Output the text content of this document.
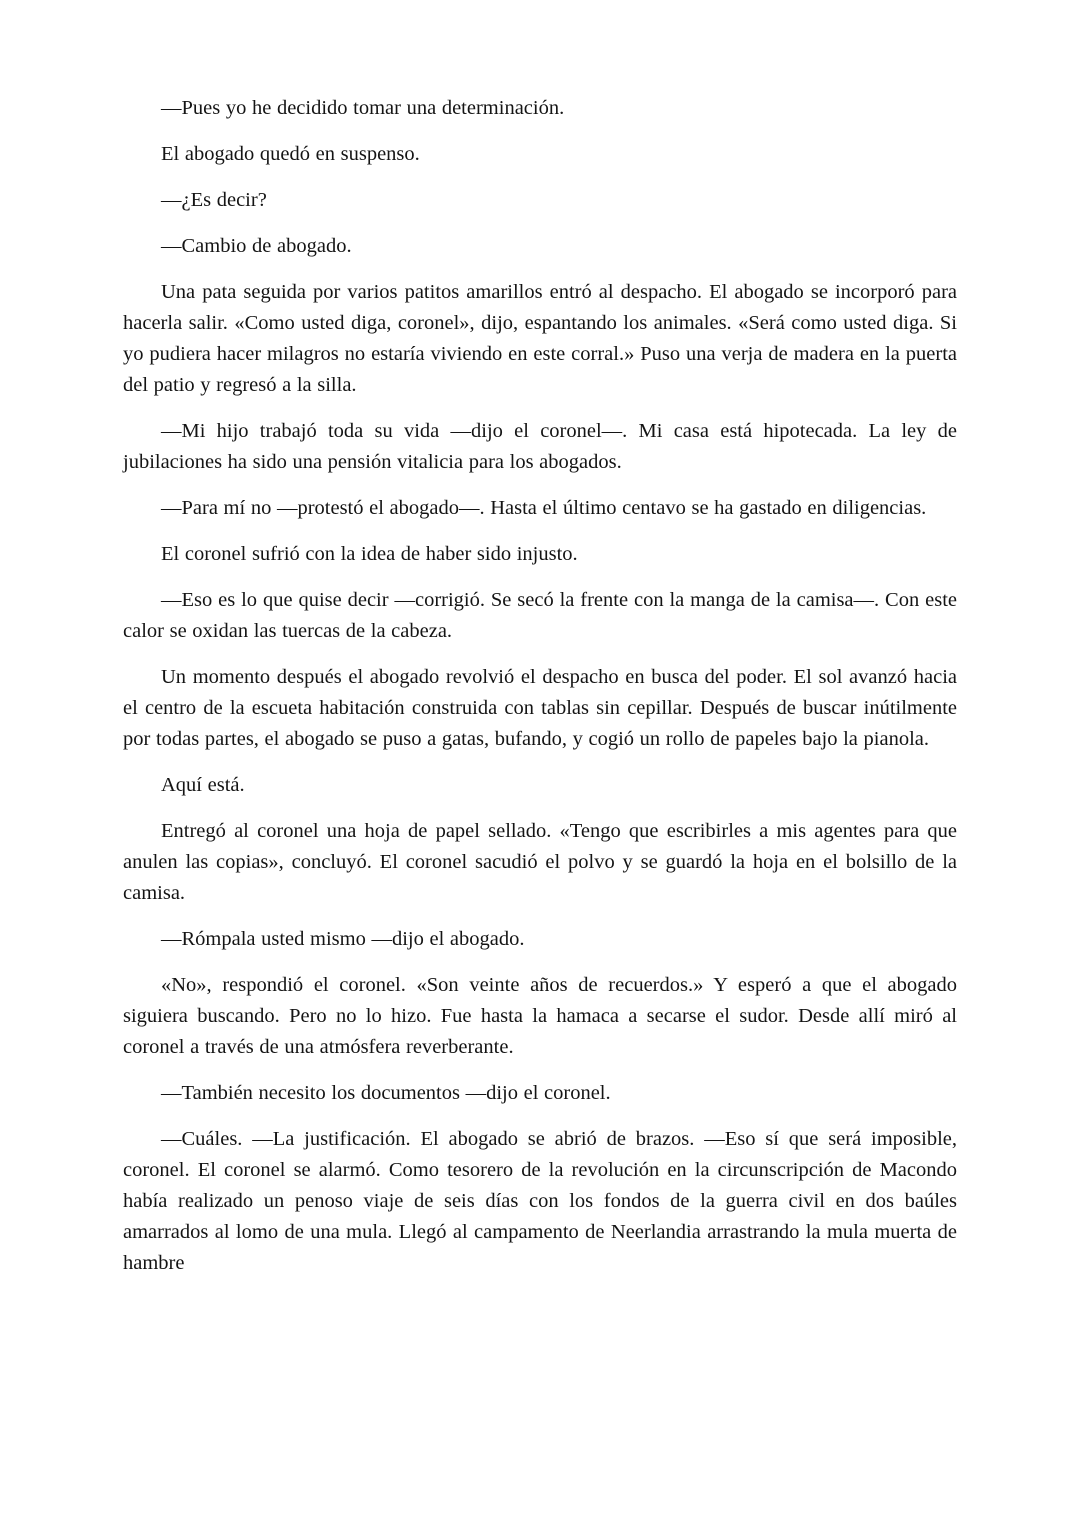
—Pues yo he decidido tomar una determinación.

El abogado quedó en suspenso.

—¿Es decir?

—Cambio de abogado.

Una pata seguida por varios patitos amarillos entró al despacho. El abogado se incorporó para hacerla salir. «Como usted diga, coronel», dijo, espantando los animales. «Será como usted diga. Si yo pudiera hacer milagros no estaría viviendo en este corral.» Puso una verja de madera en la puerta del patio y regresó a la silla.

—Mi hijo trabajó toda su vida —dijo el coronel—. Mi casa está hipotecada. La ley de jubilaciones ha sido una pensión vitalicia para los abogados.

—Para mí no —protestó el abogado—. Hasta el último centavo se ha gastado en diligencias.

El coronel sufrió con la idea de haber sido injusto.

—Eso es lo que quise decir —corrigió. Se secó la frente con la manga de la camisa—. Con este calor se oxidan las tuercas de la cabeza.

Un momento después el abogado revolvió el despacho en busca del poder. El sol avanzó hacia el centro de la escueta habitación construida con tablas sin cepillar. Después de buscar inútilmente por todas partes, el abogado se puso a gatas, bufando, y cogió un rollo de papeles bajo la pianola.

Aquí está.

Entregó al coronel una hoja de papel sellado. «Tengo que escribirles a mis agentes para que anulen las copias», concluyó. El coronel sacudió el polvo y se guardó la hoja en el bolsillo de la camisa.

—Rómpala usted mismo —dijo el abogado.

«No», respondió el coronel. «Son veinte años de recuerdos.» Y esperó a que el abogado siguiera buscando. Pero no lo hizo. Fue hasta la hamaca a secarse el sudor. Desde allí miró al coronel a través de una atmósfera reverberante.

—También necesito los documentos —dijo el coronel.

—Cuáles. —La justificación. El abogado se abrió de brazos. —Eso sí que será imposible, coronel. El coronel se alarmó. Como tesorero de la revolución en la circunscripción de Macondo había realizado un penoso viaje de seis días con los fondos de la guerra civil en dos baúles amarrados al lomo de una mula. Llegó al campamento de Neerlandia arrastrando la mula muerta de hambre
